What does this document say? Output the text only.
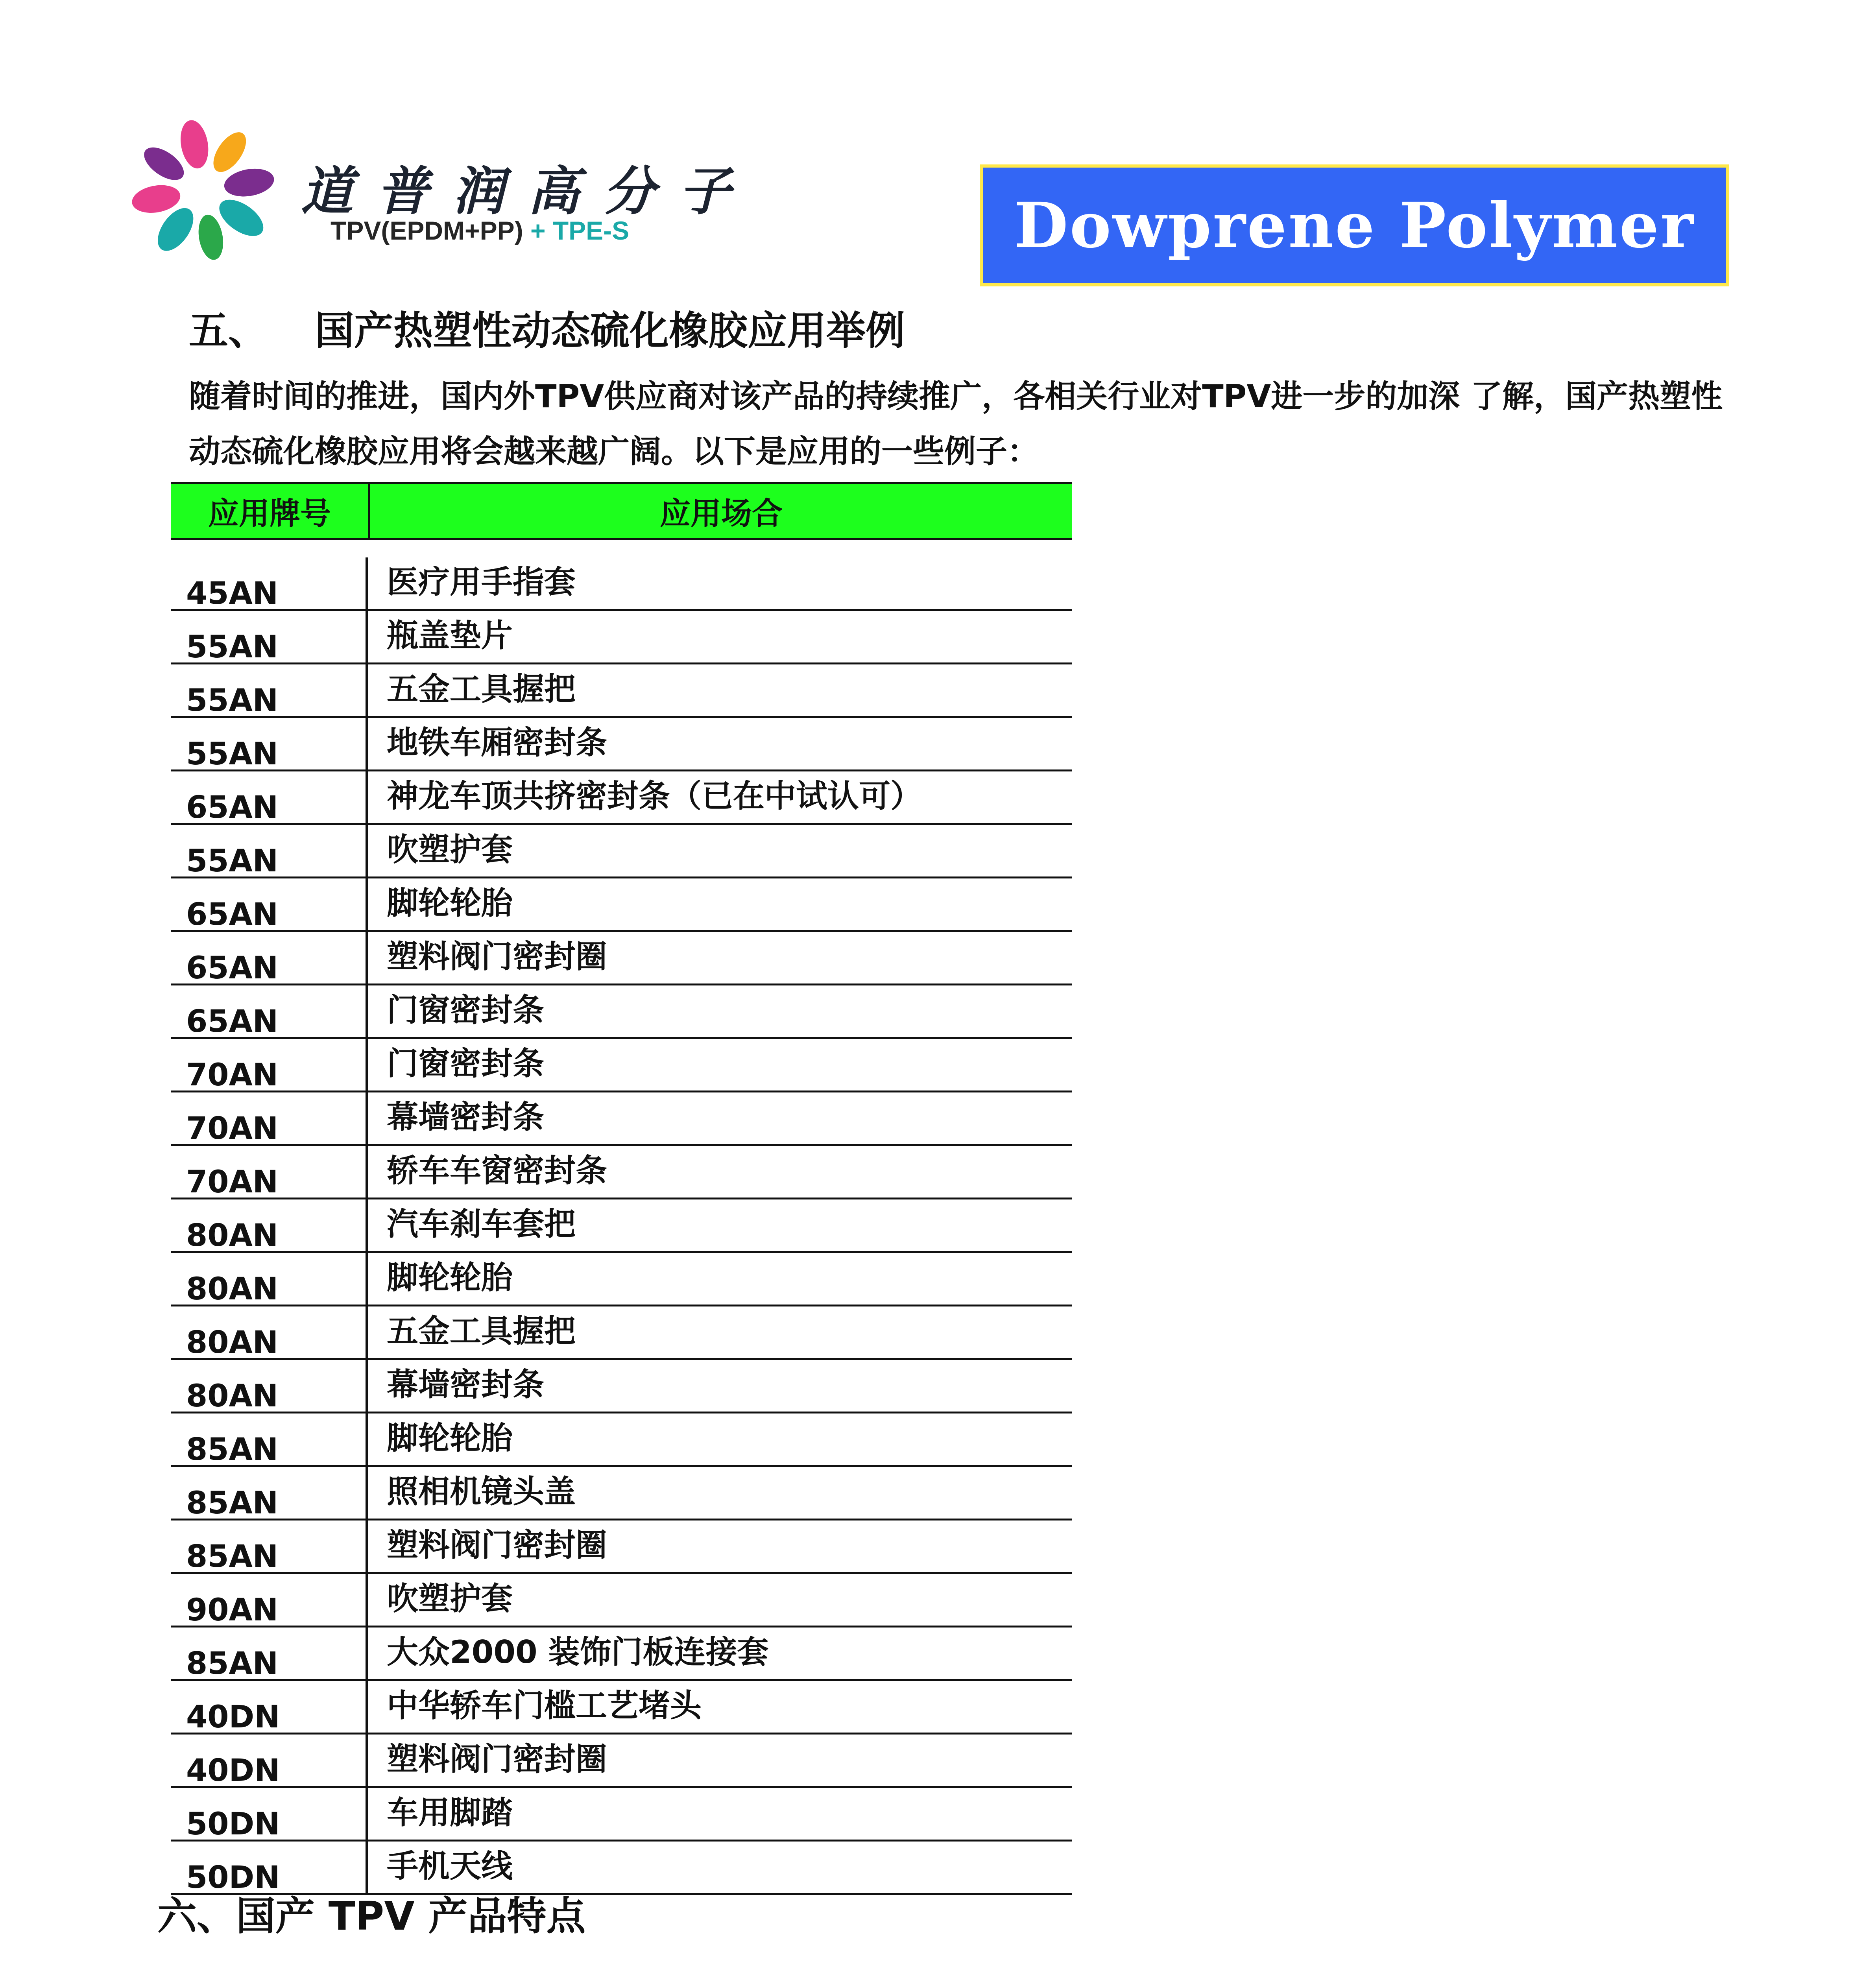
道普润高分子
TPV(EPDM+PP) + TPE-S	Dowprene Polymer
五、 国产热塑性动态硫化橡胶应用举例
随着时间的推进，国内外TPV供应商对该产品的持续推广，各相关行业对TPV进一步的加深 了解，国产热塑性动态硫化橡胶应用将会越来越广阔。以下是应用的一些例子：
应用牌号	应用场合
45AN	医疗用手指套
55AN	瓶盖垫片
55AN	五金工具握把
55AN	地铁车厢密封条
65AN	神龙车顶共挤密封条（已在中试认可）
55AN	吹塑护套
65AN	脚轮轮胎
65AN	塑料阀门密封圈
65AN	门窗密封条
70AN	门窗密封条
70AN	幕墙密封条
70AN	轿车车窗密封条
80AN	汽车刹车套把
80AN	脚轮轮胎
80AN	五金工具握把
80AN	幕墙密封条
85AN	脚轮轮胎
85AN	照相机镜头盖
85AN	塑料阀门密封圈
90AN	吹塑护套
85AN	大众2000 装饰门板连接套
40DN	中华轿车门槛工艺堵头
40DN	塑料阀门密封圈
50DN	车用脚踏
50DN	手机天线
六、国产 TPV 产品特点
